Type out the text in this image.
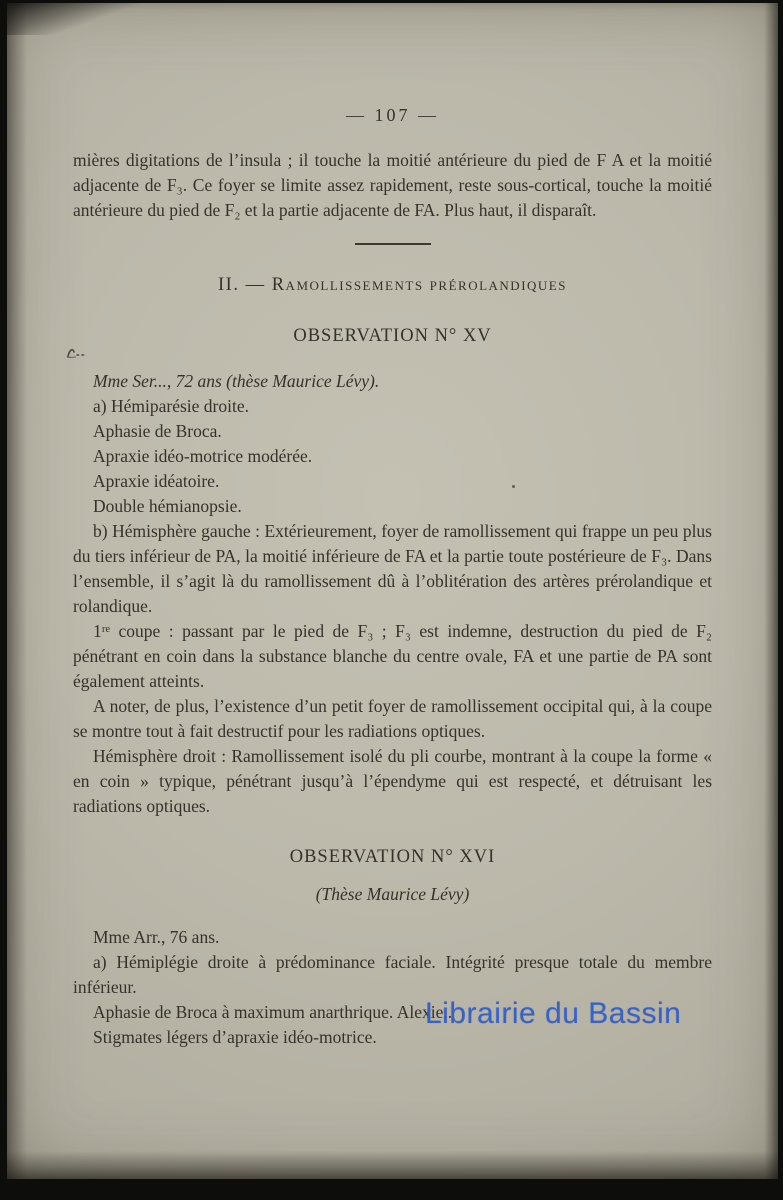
— 107 —

mières digitations de l’insula ; il touche la moitié antérieure du pied de F A et la moitié adjacente de F₃. Ce foyer se limite assez rapidement, reste sous-cortical, touche la moitié antérieure du pied de F₂ et la partie adjacente de FA. Plus haut, il disparaît.

II. — Ramollissements prérolandiques

OBSERVATION N° XV

Mme Ser..., 72 ans (thèse Maurice Lévy).

a) Hémiparésie droite.

Aphasie de Broca.

Apraxie idéo-motrice modérée.

Apraxie idéatoire.

Double hémianopsie.

b) Hémisphère gauche : Extérieurement, foyer de ramollissement qui frappe un peu plus du tiers inférieur de PA, la moitié inférieure de FA et la partie toute postérieure de F₃. Dans l’ensemble, il s’agit là du ramollissement dû à l’oblitération des artères prérolandique et rolandique.

1ʳᵉ coupe : passant par le pied de F₃ ; F₃ est indemne, destruction du pied de F₂ pénétrant en coin dans la substance blanche du centre ovale, FA et une partie de PA sont également atteints.

A noter, de plus, l’existence d’un petit foyer de ramollissement occipital qui, à la coupe se montre tout à fait destructif pour les radiations optiques.

Hémisphère droit : Ramollissement isolé du pli courbe, montrant à la coupe la forme « en coin » typique, pénétrant jusqu’à l’épendyme qui est respecté, et détruisant les radiations optiques.

OBSERVATION N° XVI

(Thèse Maurice Lévy)

Mme Arr., 76 ans.

a) Hémiplégie droite à prédominance faciale. Intégrité presque totale du membre inférieur.

Aphasie de Broca à maximum anarthrique. Alexie..

Stigmates légers d’apraxie idéo-motrice.

Librairie du Bassin
